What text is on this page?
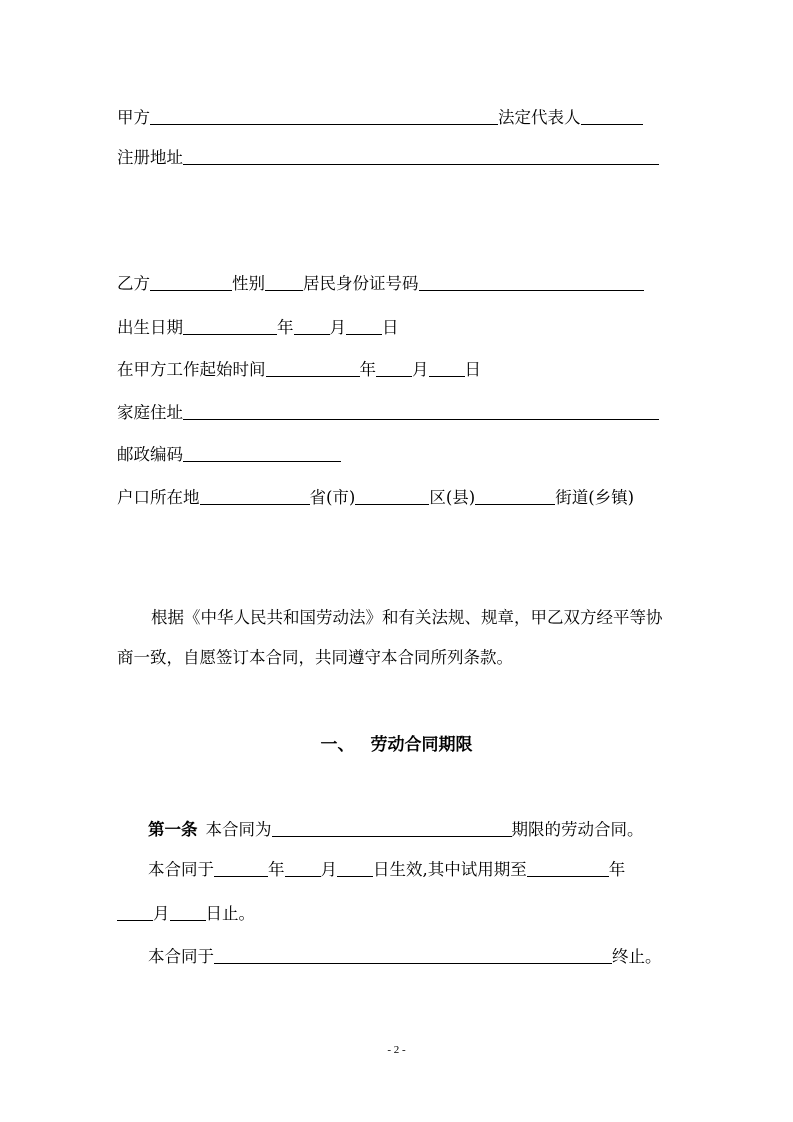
甲方	法定代表人
注册地址
乙方	性别 居民身份证号码
出生日期	年 月 日
在甲方工作起始时间	年 月 日
家庭住址
邮政编码
户口所在地	省(市)	区(县)	街道(乡镇)
根据《中华人民共和国劳动法》和有关法规、规章，甲乙双方经平等协商一致，自愿签订本合同，共同遵守本合同所列条款。
一、 劳动合同期限
第一条 本合同为	期限的劳动合同。
本合同于	年 月 日生效,其中试用期至	年
月 日止。
本合同于	终止。
- 2 -
